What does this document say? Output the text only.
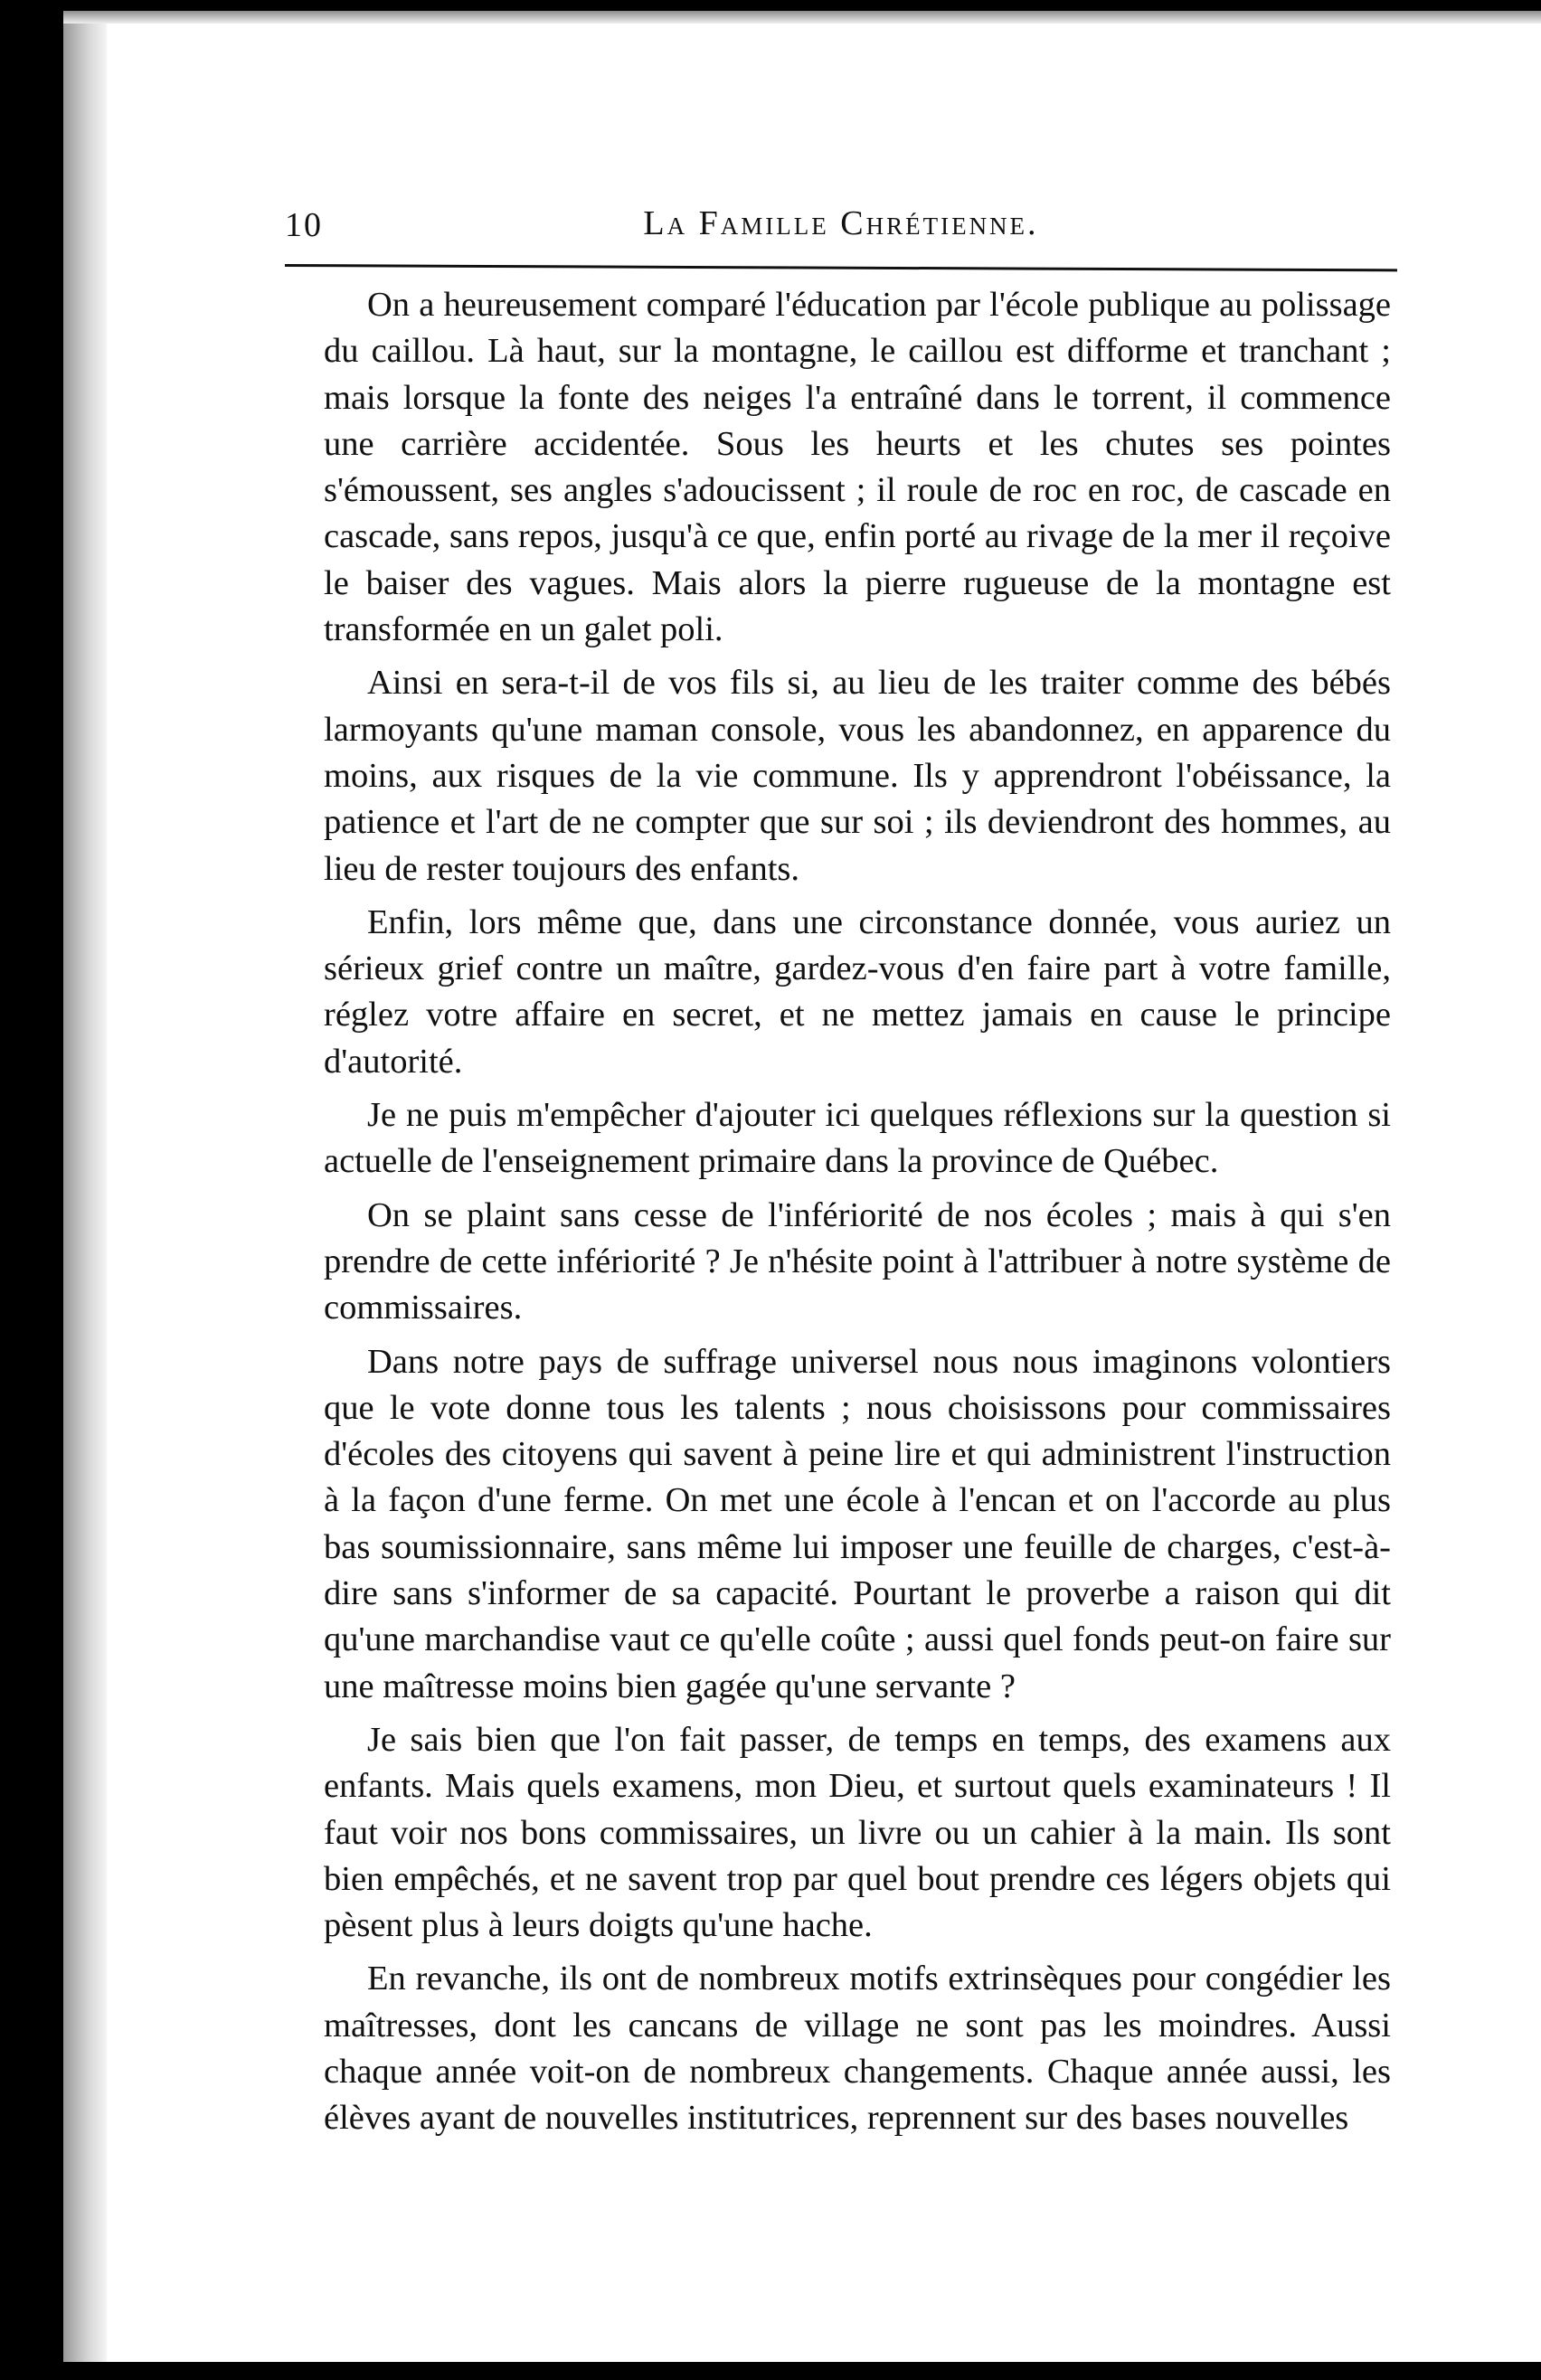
10	La Famille Chrétienne.

On a heureusement comparé l'éducation par l'école publique au polissage du caillou. Là haut, sur la montagne, le caillou est difforme et tranchant ; mais lorsque la fonte des neiges l'a entraîné dans le torrent, il commence une carrière accidentée. Sous les heurts et les chutes ses pointes s'émoussent, ses angles s'adoucissent ; il roule de roc en roc, de cascade en cascade, sans repos, jusqu'à ce que, enfin porté au rivage de la mer il reçoive le baiser des vagues. Mais alors la pierre rugueuse de la montagne est transformée en un galet poli.

Ainsi en sera-t-il de vos fils si, au lieu de les traiter comme des bébés larmoyants qu'une maman console, vous les abandonnez, en apparence du moins, aux risques de la vie commune. Ils y apprendront l'obéissance, la patience et l'art de ne compter que sur soi ; ils deviendront des hommes, au lieu de rester toujours des enfants.

Enfin, lors même que, dans une circonstance donnée, vous auriez un sérieux grief contre un maître, gardez-vous d'en faire part à votre famille, réglez votre affaire en secret, et ne mettez jamais en cause le principe d'autorité.

Je ne puis m'empêcher d'ajouter ici quelques réflexions sur la question si actuelle de l'enseignement primaire dans la province de Québec.

On se plaint sans cesse de l'infériorité de nos écoles ; mais à qui s'en prendre de cette infériorité ? Je n'hésite point à l'attribuer à notre système de commissaires.

Dans notre pays de suffrage universel nous nous imaginons volontiers que le vote donne tous les talents ; nous choisissons pour commissaires d'écoles des citoyens qui savent à peine lire et qui administrent l'instruction à la façon d'une ferme. On met une école à l'encan et on l'accorde au plus bas soumissionnaire, sans même lui imposer une feuille de charges, c'est-à-dire sans s'informer de sa capacité. Pourtant le proverbe a raison qui dit qu'une marchandise vaut ce qu'elle coûte ; aussi quel fonds peut-on faire sur une maîtresse moins bien gagée qu'une servante ?

Je sais bien que l'on fait passer, de temps en temps, des examens aux enfants. Mais quels examens, mon Dieu, et surtout quels examinateurs ! Il faut voir nos bons commissaires, un livre ou un cahier à la main. Ils sont bien empêchés, et ne savent trop par quel bout prendre ces légers objets qui pèsent plus à leurs doigts qu'une hache.

En revanche, ils ont de nombreux motifs extrinsèques pour congédier les maîtresses, dont les cancans de village ne sont pas les moindres. Aussi chaque année voit-on de nombreux changements. Chaque année aussi, les élèves ayant de nouvelles institutrices, reprennent sur des bases nouvelles
